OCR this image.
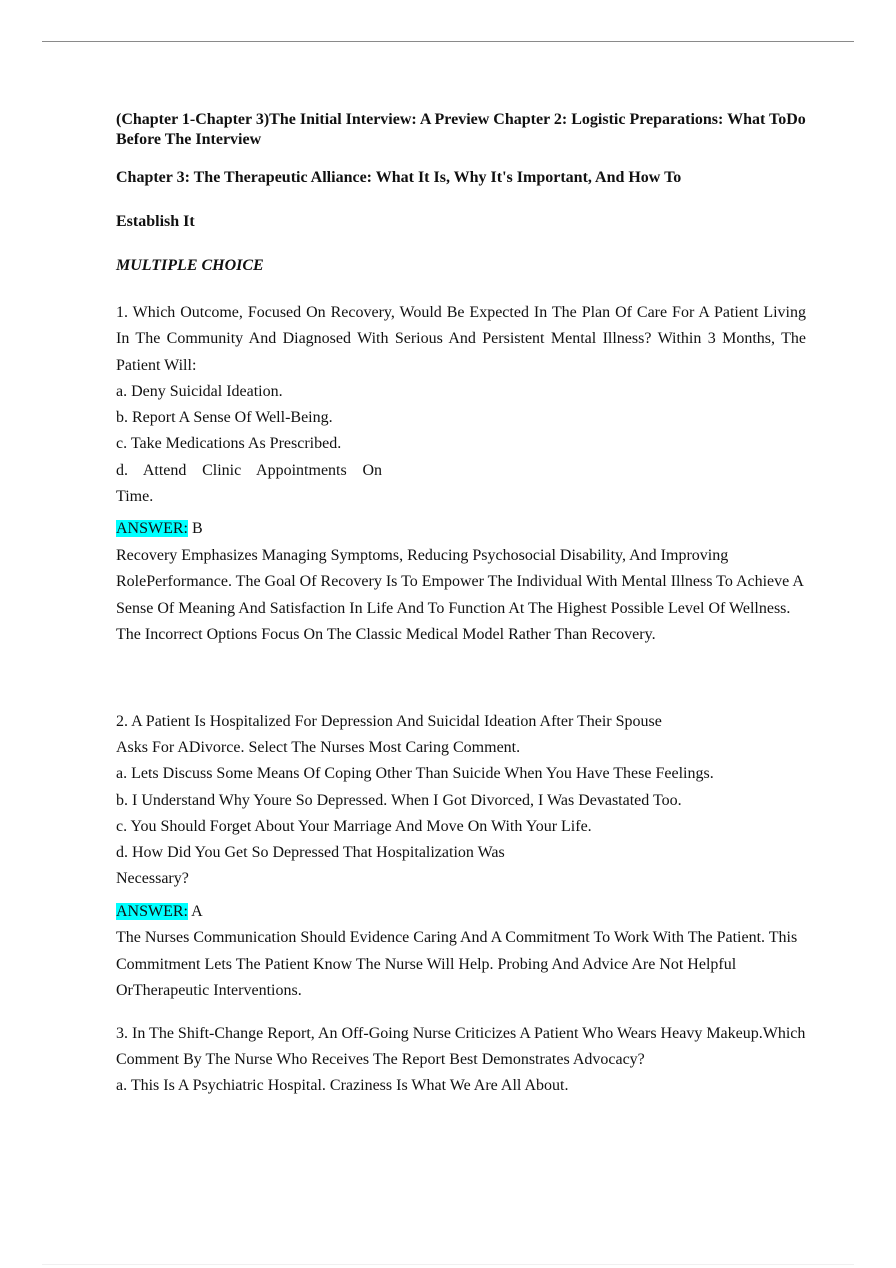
(Chapter 1-Chapter 3)The Initial Interview: A Preview Chapter 2: Logistic Preparations: What ToDo Before The Interview

Chapter 3: The Therapeutic Alliance: What It Is, Why It's Important, And How To

Establish It

MULTIPLE CHOICE

1. Which Outcome, Focused On Recovery, Would Be Expected In The Plan Of Care For A Patient Living In The Community And Diagnosed With Serious And Persistent Mental Illness? Within 3 Months, The Patient Will:

a. Deny Suicidal Ideation.
b. Report A Sense Of Well-Being.
c. Take Medications As Prescribed.
d. Attend Clinic Appointments On
Time.
ANSWER: B

Recovery Emphasizes Managing Symptoms, Reducing Psychosocial Disability, And Improving RolePerformance. The Goal Of Recovery Is To Empower The Individual With Mental Illness To Achieve A Sense Of Meaning And Satisfaction In Life And To Function At The Highest Possible Level Of Wellness. The Incorrect Options Focus On The Classic Medical Model Rather Than Recovery.

2. A Patient Is Hospitalized For Depression And Suicidal Ideation After Their Spouse
Asks For ADivorce. Select The Nurses Most Caring Comment.
a. Lets Discuss Some Means Of Coping Other Than Suicide When You Have These Feelings.
b. I Understand Why Youre So Depressed. When I Got Divorced, I Was Devastated Too.
c. You Should Forget About Your Marriage And Move On With Your Life.
d. How Did You Get So Depressed That Hospitalization Was
Necessary?
ANSWER: A

The Nurses Communication Should Evidence Caring And A Commitment To Work With The Patient. This Commitment Lets The Patient Know The Nurse Will Help. Probing And Advice Are Not Helpful OrTherapeutic Interventions.

3. In The Shift-Change Report, An Off-Going Nurse Criticizes A Patient Who Wears Heavy Makeup.Which Comment By The Nurse Who Receives The Report Best Demonstrates Advocacy?

a. This Is A Psychiatric Hospital. Craziness Is What We Are All About.
